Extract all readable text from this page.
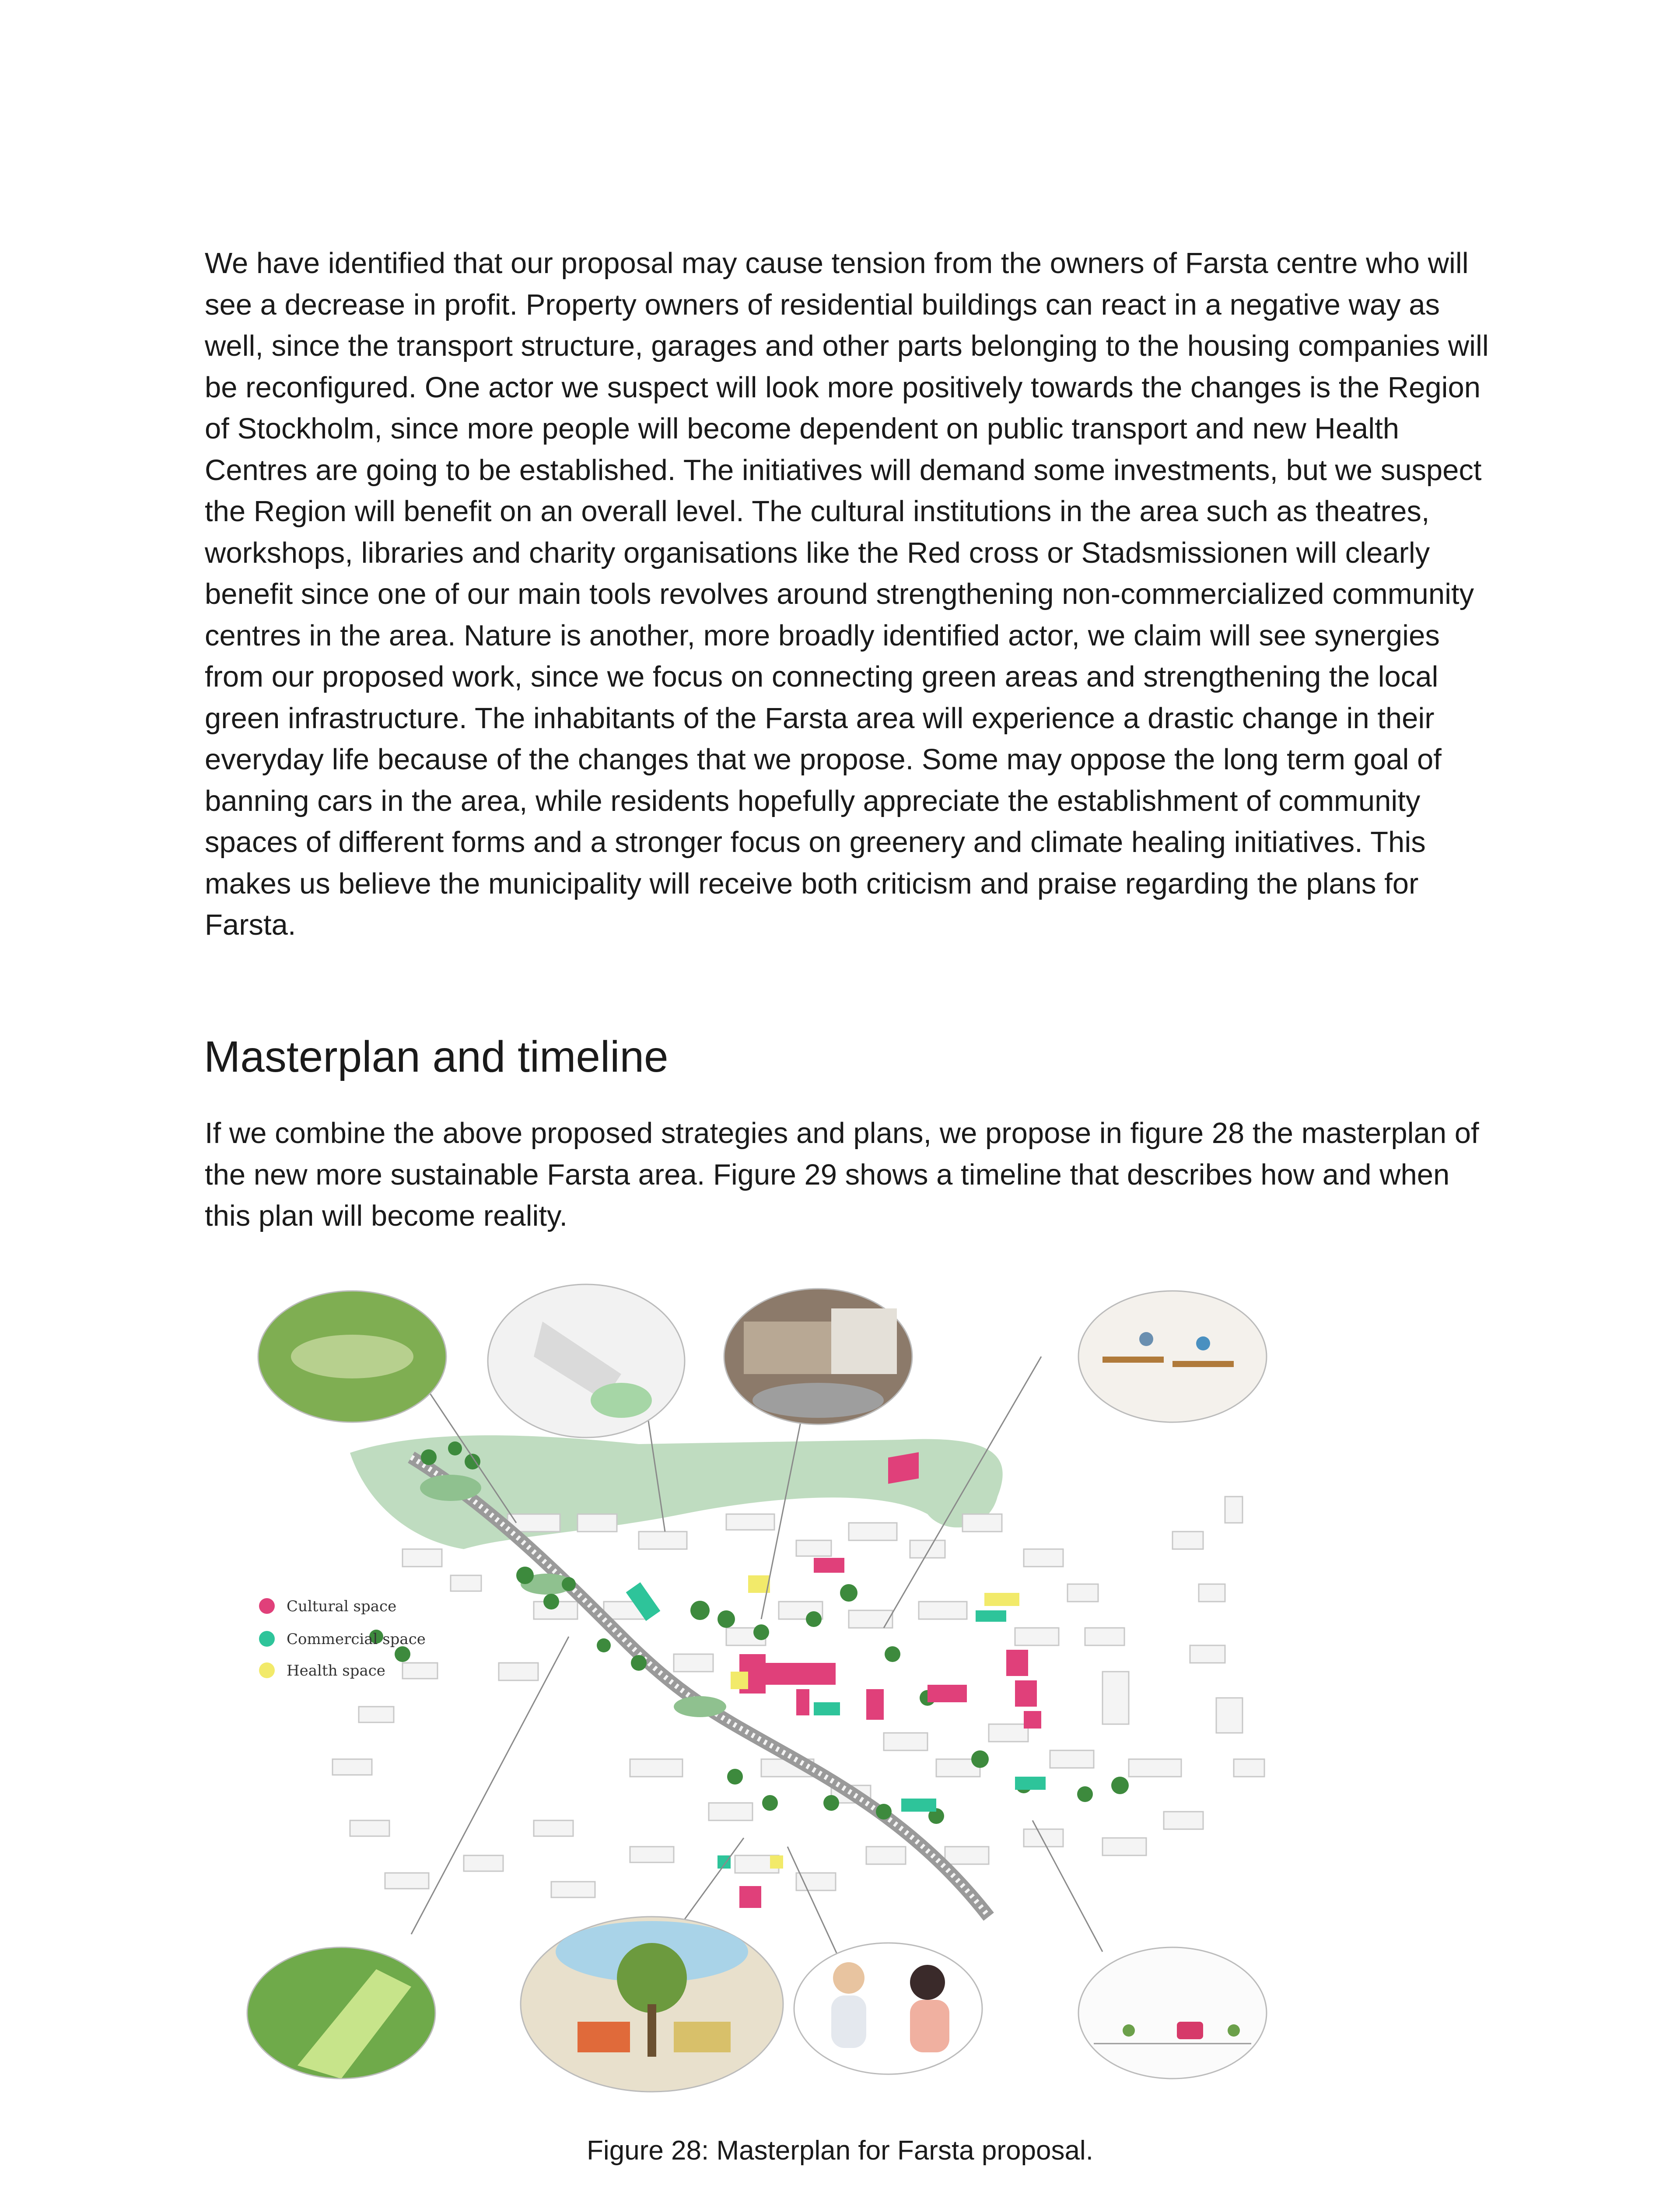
We have identified that our proposal may cause tension from the owners of Farsta centre who will see a decrease in profit. Property owners of residential buildings can react in a negative way as well, since the transport structure, garages and other parts belonging to the housing companies will be reconfigured. One actor we suspect will look more positively towards the changes is the Region of Stockholm, since more people will become dependent on public transport and new Health Centres are going to be established. The initiatives will demand some investments, but we suspect the Region will benefit on an overall level. The cultural institutions in the area such as theatres, workshops, libraries and charity organisations like the Red cross or Stadsmissionen will clearly benefit since one of our main tools revolves around strengthening non-commercialized community centres in the area. Nature is another, more broadly identified actor, we claim will see synergies from our proposed work, since we focus on connecting green areas and strengthening the local green infrastructure. The inhabitants of the Farsta area will experience a drastic change in their everyday life because of the changes that we propose. Some may oppose the long term goal of banning cars in the area, while residents hopefully appreciate the establishment of community spaces of different forms and a stronger focus on greenery and climate healing initiatives. This makes us believe the municipality will receive both criticism and praise regarding the plans for Farsta.

Masterplan and timeline

If we combine the above proposed strategies and plans, we propose in figure 28 the masterplan of the new more sustainable Farsta area. Figure 29 shows a timeline that describes how and when this plan will become reality.

Cultural space
Commercial space
Health space
Figure 28: Masterplan for Farsta proposal.
